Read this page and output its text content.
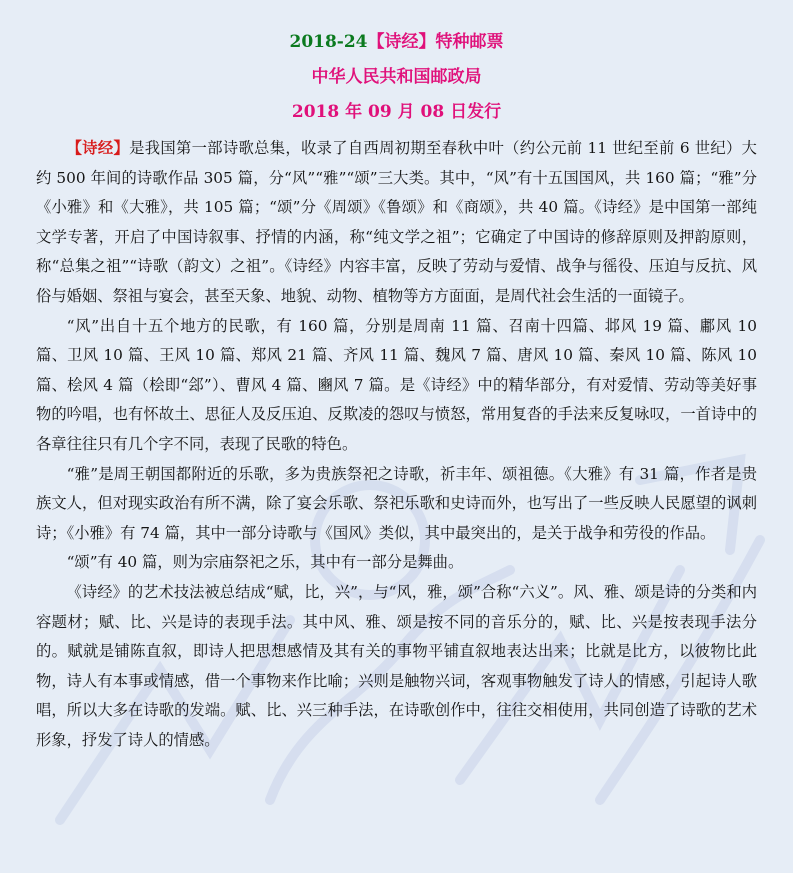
2018-24【诗经】特种邮票
中华人民共和国邮政局
2018 年 09 月 08 日发行

【诗经】是我国第一部诗歌总集，收录了自西周初期至春秋中叶（约公元前 11 世纪至前 6 世纪）大约 500 年间的诗歌作品 305 篇，分“风”“雅”“颂”三大类。其中，“风”有十五国国风，共 160 篇；“雅”分《小雅》和《大雅》，共 105 篇；“颂”分《周颂》《鲁颂》和《商颂》，共 40 篇。《诗经》是中国第一部纯文学专著，开启了中国诗叙事、抒情的内涵，称“纯文学之祖”；它确定了中国诗的修辞原则及押韵原则，称“总集之祖”“诗歌（韵文）之祖”。《诗经》内容丰富，反映了劳动与爱情、战争与徭役、压迫与反抗、风俗与婚姻、祭祖与宴会，甚至天象、地貌、动物、植物等方方面面，是周代社会生活的一面镜子。

“风”出自十五个地方的民歌，有 160 篇，分别是周南 11 篇、召南十四篇、邶风 19 篇、鄘风 10 篇、卫风 10 篇、王风 10 篇、郑风 21 篇、齐风 11 篇、魏风 7 篇、唐风 10 篇、秦风 10 篇、陈风 10 篇、桧风 4 篇（桧即“郐”）、曹风 4 篇、豳风 7 篇。是《诗经》中的精华部分，有对爱情、劳动等美好事物的吟唱，也有怀故土、思征人及反压迫、反欺凌的怨叹与愤怒，常用复沓的手法来反复咏叹，一首诗中的各章往往只有几个字不同，表现了民歌的特色。

“雅”是周王朝国都附近的乐歌，多为贵族祭祀之诗歌，祈丰年、颂祖德。《大雅》有 31 篇，作者是贵族文人，但对现实政治有所不满，除了宴会乐歌、祭祀乐歌和史诗而外，也写出了一些反映人民愿望的讽刺诗；《小雅》有 74 篇，其中一部分诗歌与《国风》类似，其中最突出的，是关于战争和劳役的作品。

“颂”有 40 篇，则为宗庙祭祀之乐，其中有一部分是舞曲。

《诗经》的艺术技法被总结成“赋，比，兴”，与“风，雅，颂”合称“六义”。风、雅、颂是诗的分类和内容题材；赋、比、兴是诗的表现手法。其中风、雅、颂是按不同的音乐分的，赋、比、兴是按表现手法分的。赋就是铺陈直叙，即诗人把思想感情及其有关的事物平铺直叙地表达出来；比就是比方，以彼物比此物，诗人有本事或情感，借一个事物来作比喻；兴则是触物兴词，客观事物触发了诗人的情感，引起诗人歌唱，所以大多在诗歌的发端。赋、比、兴三种手法，在诗歌创作中，往往交相使用，共同创造了诗歌的艺术形象，抒发了诗人的情感。
